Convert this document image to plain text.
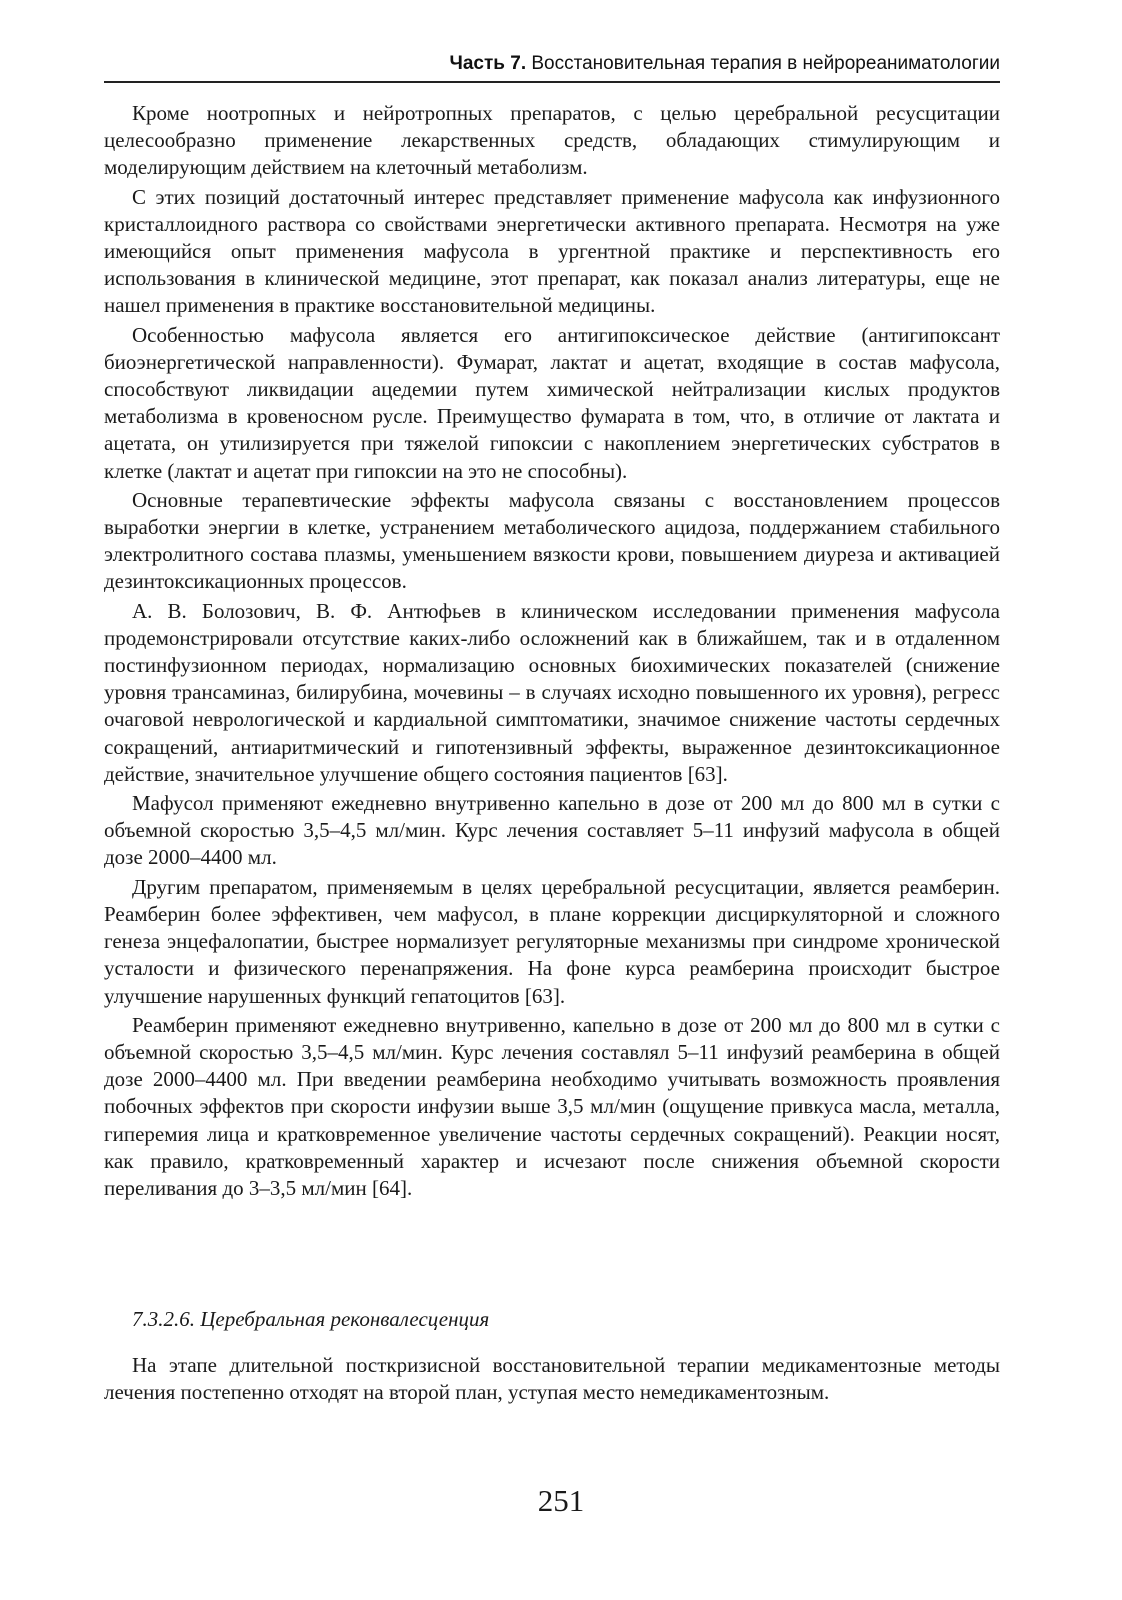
Часть 7. Восстановительная терапия в нейрореаниматологии

Кроме ноотропных и нейротропных препаратов, с целью церебральной ресусцитации целесообразно применение лекарственных средств, обладающих стимулирующим и моделирующим действием на клеточный метаболизм.

С этих позиций достаточный интерес представляет применение мафусола как инфузионного кристаллоидного раствора со свойствами энергетически активного препарата. Несмотря на уже имеющийся опыт применения мафусола в ургентной практике и перспективность его использования в клинической медицине, этот препарат, как показал анализ литературы, еще не нашел применения в практике восстановительной медицины.

Особенностью мафусола является его антигипоксическое действие (антигипоксант биоэнергетической направленности). Фумарат, лактат и ацетат, входящие в состав мафусола, способствуют ликвидации ацедемии путем химической нейтрализации кислых продуктов метаболизма в кровеносном русле. Преимущество фумарата в том, что, в отличие от лактата и ацетата, он утилизируется при тяжелой гипоксии с накоплением энергетических субстратов в клетке (лактат и ацетат при гипоксии на это не способны).

Основные терапевтические эффекты мафусола связаны с восстановлением процессов выработки энергии в клетке, устранением метаболического ацидоза, поддержанием стабильного электролитного состава плазмы, уменьшением вязкости крови, повышением диуреза и активацией дезинтоксикационных процессов.

А. В. Болозович, В. Ф. Антюфьев в клиническом исследовании применения мафусола продемонстрировали отсутствие каких-либо осложнений как в ближайшем, так и в отдаленном постинфузионном периодах, нормализацию основных биохимических показателей (снижение уровня трансаминаз, билирубина, мочевины – в случаях исходно повышенного их уровня), регресс очаговой неврологической и кардиальной симптоматики, значимое снижение частоты сердечных сокращений, антиаритмический и гипотензивный эффекты, выраженное дезинтоксикационное действие, значительное улучшение общего состояния пациентов [63].

Мафусол применяют ежедневно внутривенно капельно в дозе от 200 мл до 800 мл в сутки с объемной скоростью 3,5–4,5 мл/мин. Курс лечения составляет 5–11 инфузий мафусола в общей дозе 2000–4400 мл.

Другим препаратом, применяемым в целях церебральной ресусцитации, является реамберин. Реамберин более эффективен, чем мафусол, в плане коррекции дисциркуляторной и сложного генеза энцефалопатии, быстрее нормализует регуляторные механизмы при синдроме хронической усталости и физического перенапряжения. На фоне курса реамберина происходит быстрое улучшение нарушенных функций гепатоцитов [63].

Реамберин применяют ежедневно внутривенно, капельно в дозе от 200 мл до 800 мл в сутки с объемной скоростью 3,5–4,5 мл/мин. Курс лечения составлял 5–11 инфузий реамберина в общей дозе 2000–4400 мл. При введении реамберина необходимо учитывать возможность проявления побочных эффектов при скорости инфузии выше 3,5 мл/мин (ощущение привкуса масла, металла, гиперемия лица и кратковременное увеличение частоты сердечных сокращений). Реакции носят, как правило, кратковременный характер и исчезают после снижения объемной скорости переливания до 3–3,5 мл/мин [64].

7.3.2.6. Церебральная реконвалесценция

На этапе длительной посткризисной восстановительной терапии медикаментозные методы лечения постепенно отходят на второй план, уступая место немедикаментозным.

251
